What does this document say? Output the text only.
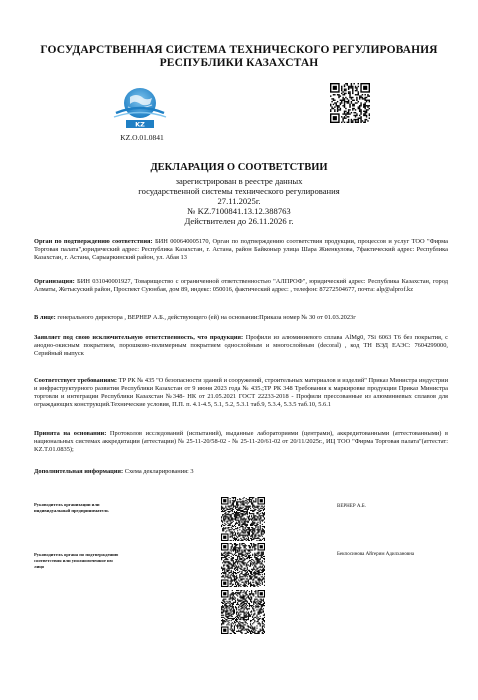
ГОСУДАРСТВЕННАЯ СИСТЕМА ТЕХНИЧЕСКОГО РЕГУЛИРОВАНИЯ
РЕСПУБЛИКИ КАЗАХСТАН
KZ
KZ.O.01.0841
ДЕКЛАРАЦИЯ О СООТВЕТСТВИИ
зарегистрирован в реестре данных
государственной системы технического регулирования
27.11.2025г.
№ KZ.7100841.13.12.388763
Действителен до 26.11.2026 г.
Орган по подтверждению соответствия: БИН 000640005170, Орган по подтверждению соответствия продукции, процессов и услуг ТОО "Фирма Торговая палата",юридический адрес: Республика Казахстан, г. Астана, район Байконыр улица Шара Жиенкулова, 7фактический адрес: Республика Казахстан, г. Астана, Сарыаркинский район, ул. Абая 13
Организация: БИН 031040001927, Товарищество с ограниченной ответственностью "АЛПРОФ", юридический адрес: Республика Казахстан, город Алматы, Жетысуский район, Проспект Суюнбая, дом 89, индекс: 050016, фактический адрес: , телефон: 87272504677, почта: alp@alprof.kz
В лице: генерального директора , ВЕРНЕР А.Б., действующего (ей) на основании:Приказа номер № 30 от 01.03.2023г
Заявляет под свою исключительную ответственность, что продукция: Профили из алюминиевого сплава AlMg0, 7Si 6063 T6 без покрытия, с анодно-окисным покрытием, порошково-полимерным покрытием однослойным и многослойным (decoral) , код ТН ВЭД ЕАЭС: 7604299000, Серийный выпуск
Соответствует требованиям: ТР РК № 435 "О безопасности зданий и сооружений, строительных материалов и изделий" Приказ Министра индустрии и инфраструктурного развития Республики Казахстан от 9 июня 2023 года № 435.;ТР РК 348 Требования к маркировке продукции Приказ Министра торговли и интеграции Республики Казахстан №348- НК от 21.05.2021 ГОСТ 22233-2018 - Профили прессованные из алюминиевых сплавов для ограждающих конструкций.Технические условия, П.П. п. 4.1-4.5, 5.1, 5.2, 5.3.1 таб.9, 5.3.4, 5.3.5 таб.10, 5.6.1
Принята на основании: Протоколов исследований (испытаний), выданные лабораториями (центрами), аккредитованными (аттестованными) в национальных системах аккредитации (аттестации) № 25-11-20/58-02 - № 25-11-20/61-02 от 20/11/2025г., ИЦ ТОО "Фирма Торговая палата"(аттестат: KZ.T.01.0835);
Дополнительная информация: Схема декларирования: 3
Руководитель организации или
индивидуальный предприниматель
ВЕРНЕР А.Б.
Руководитель органа по подтверждению
соответствия или уполномоченное им
лицо
Бекпосинова Айгерим Адилхановна
